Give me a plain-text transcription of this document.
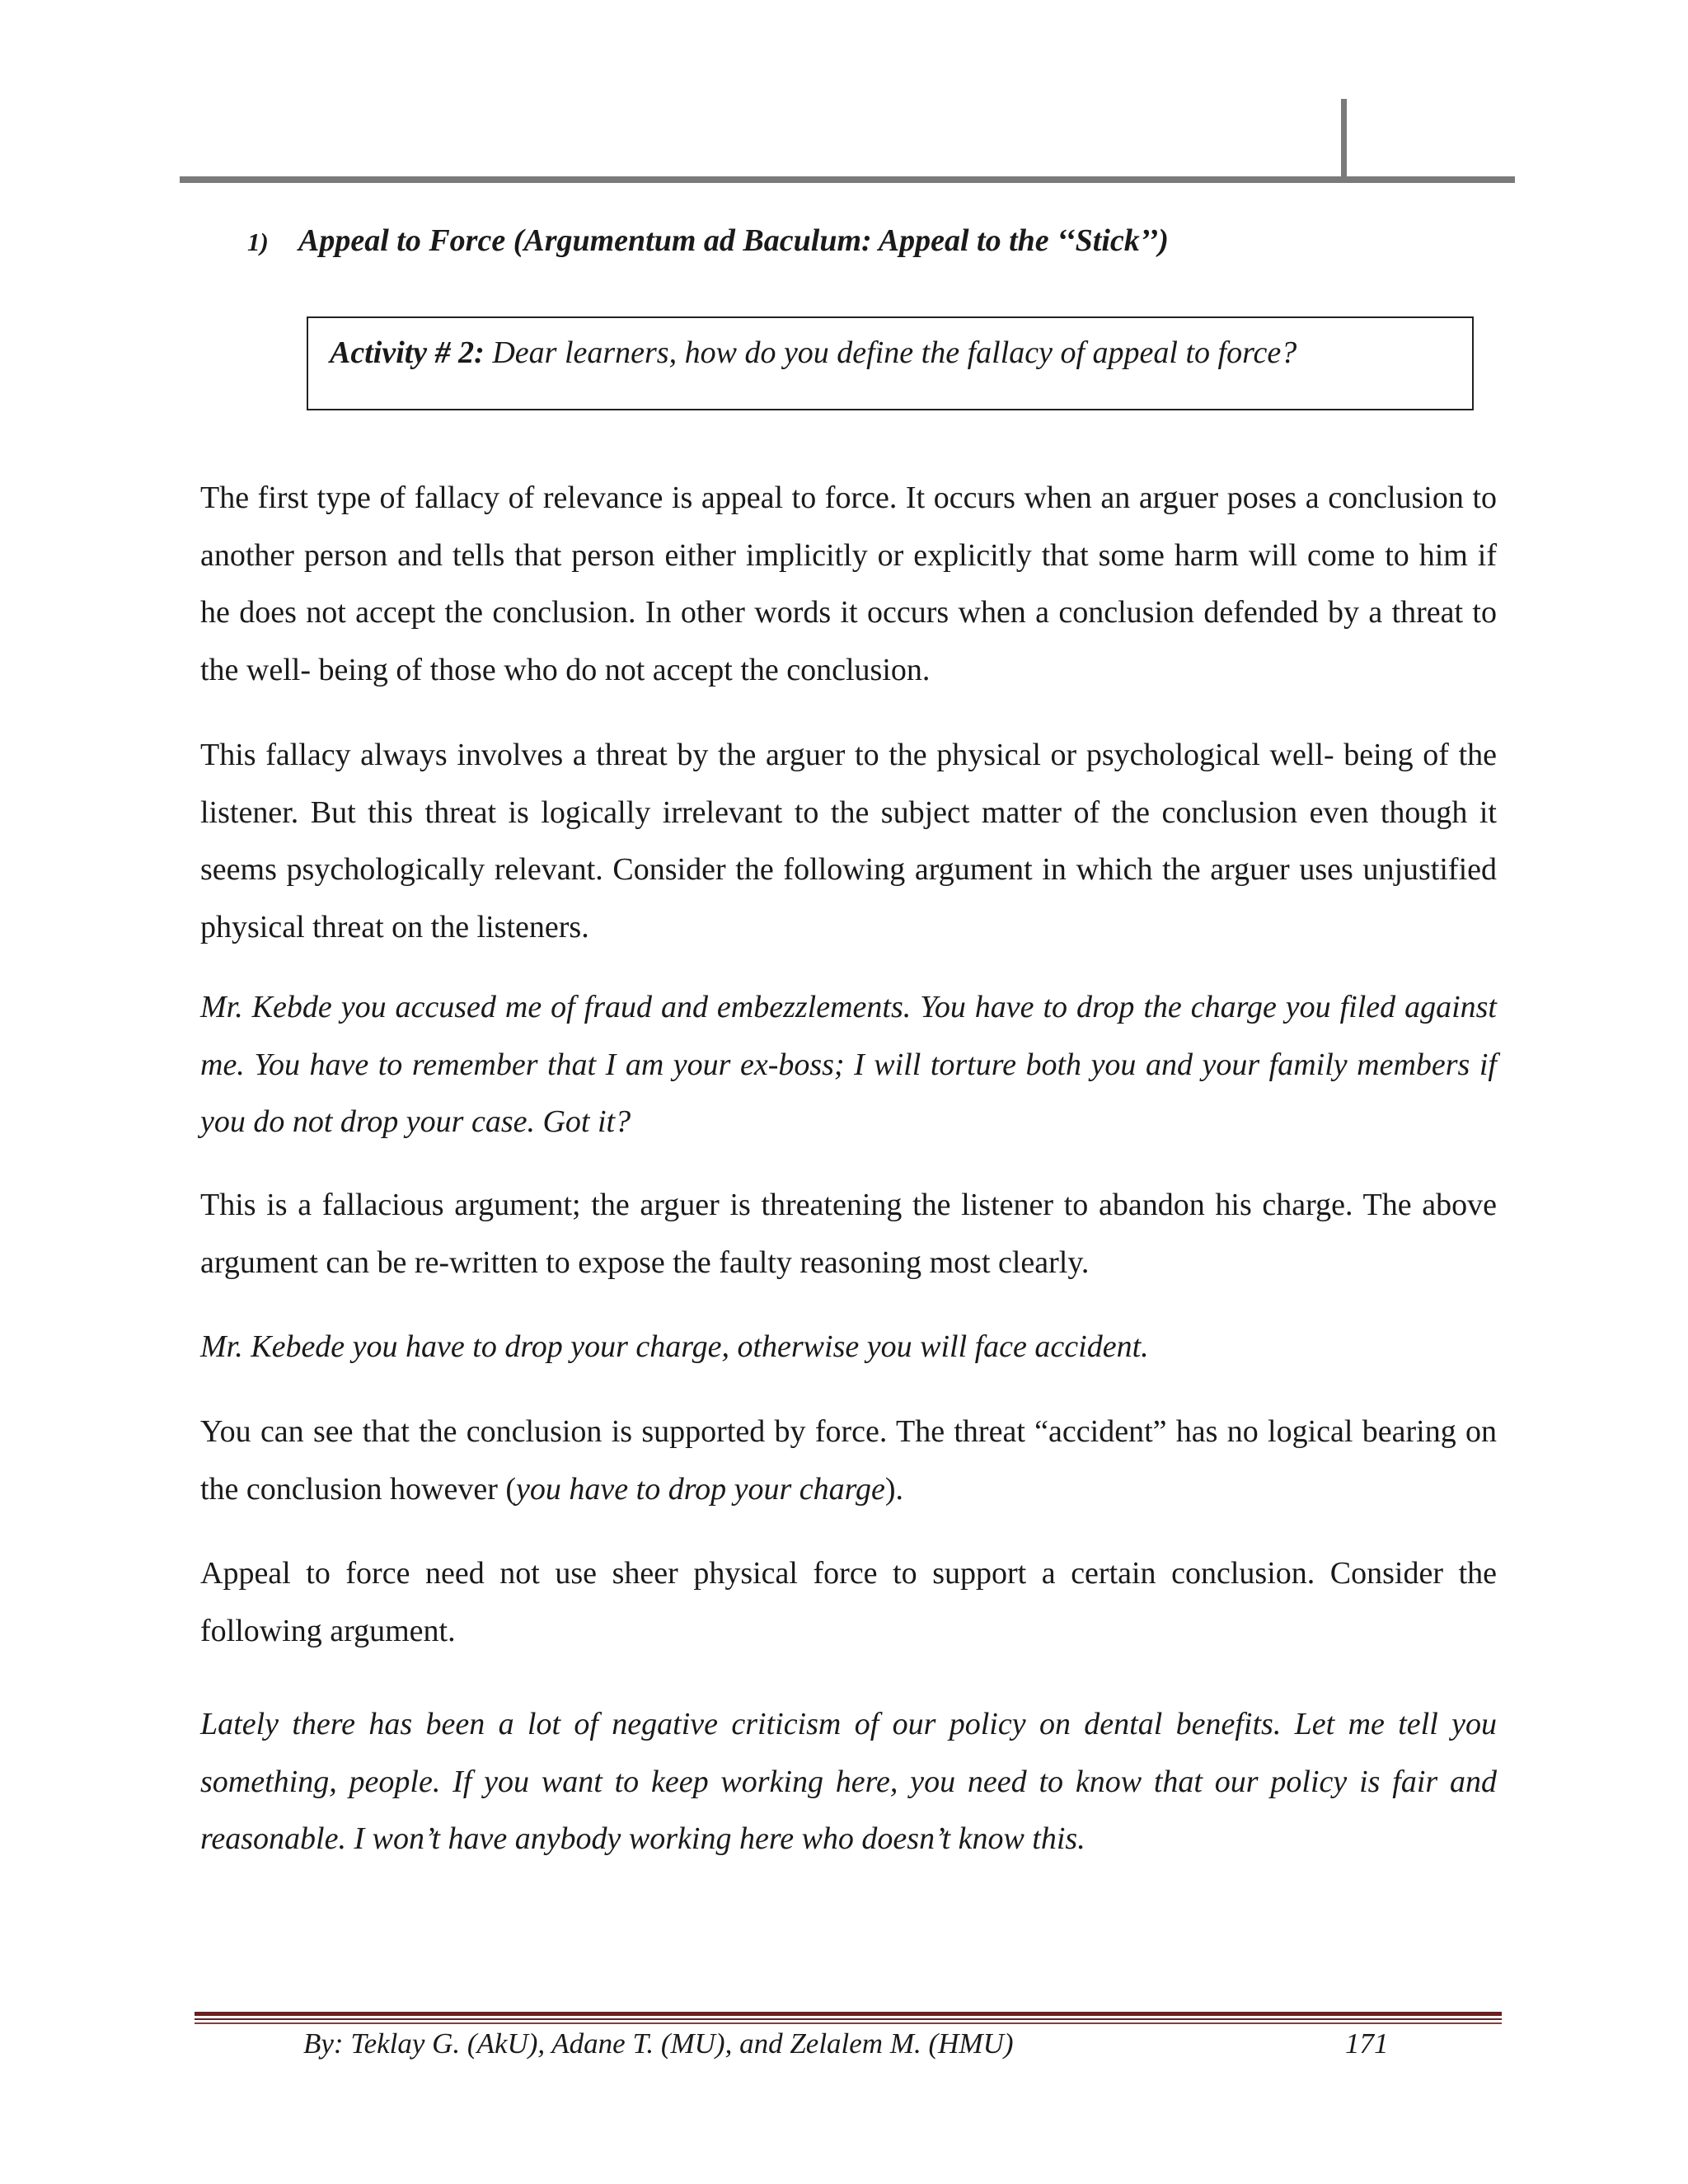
1) Appeal to Force (Argumentum ad Baculum: Appeal to the ‘‘Stick’’)
Activity # 2: Dear learners, how do you define the fallacy of appeal to force?

The first type of fallacy of relevance is appeal to force. It occurs when an arguer poses a conclusion to another person and tells that person either implicitly or explicitly that some harm will come to him if he does not accept the conclusion. In other words it occurs when a conclusion defended by a threat to the well- being of those who do not accept the conclusion.

This fallacy always involves a threat by the arguer to the physical or psychological well- being of the listener. But this threat is logically irrelevant to the subject matter of the conclusion even though it seems psychologically relevant. Consider the following argument in which the arguer uses unjustified physical threat on the listeners.

Mr. Kebde you accused me of fraud and embezzlements. You have to drop the charge you filed against me. You have to remember that I am your ex-boss; I will torture both you and your family members if you do not drop your case. Got it?

This is a fallacious argument; the arguer is threatening the listener to abandon his charge. The above argument can be re-written to expose the faulty reasoning most clearly.

Mr. Kebede you have to drop your charge, otherwise you will face accident.

You can see that the conclusion is supported by force. The threat “accident” has no logical bearing on the conclusion however (you have to drop your charge).

Appeal to force need not use sheer physical force to support a certain conclusion. Consider the following argument.

Lately there has been a lot of negative criticism of our policy on dental benefits. Let me tell you something, people. If you want to keep working here, you need to know that our policy is fair and reasonable. I won’t have anybody working here who doesn’t know this.

By: Teklay G. (AkU), Adane T. (MU), and Zelalem M. (HMU)	171
